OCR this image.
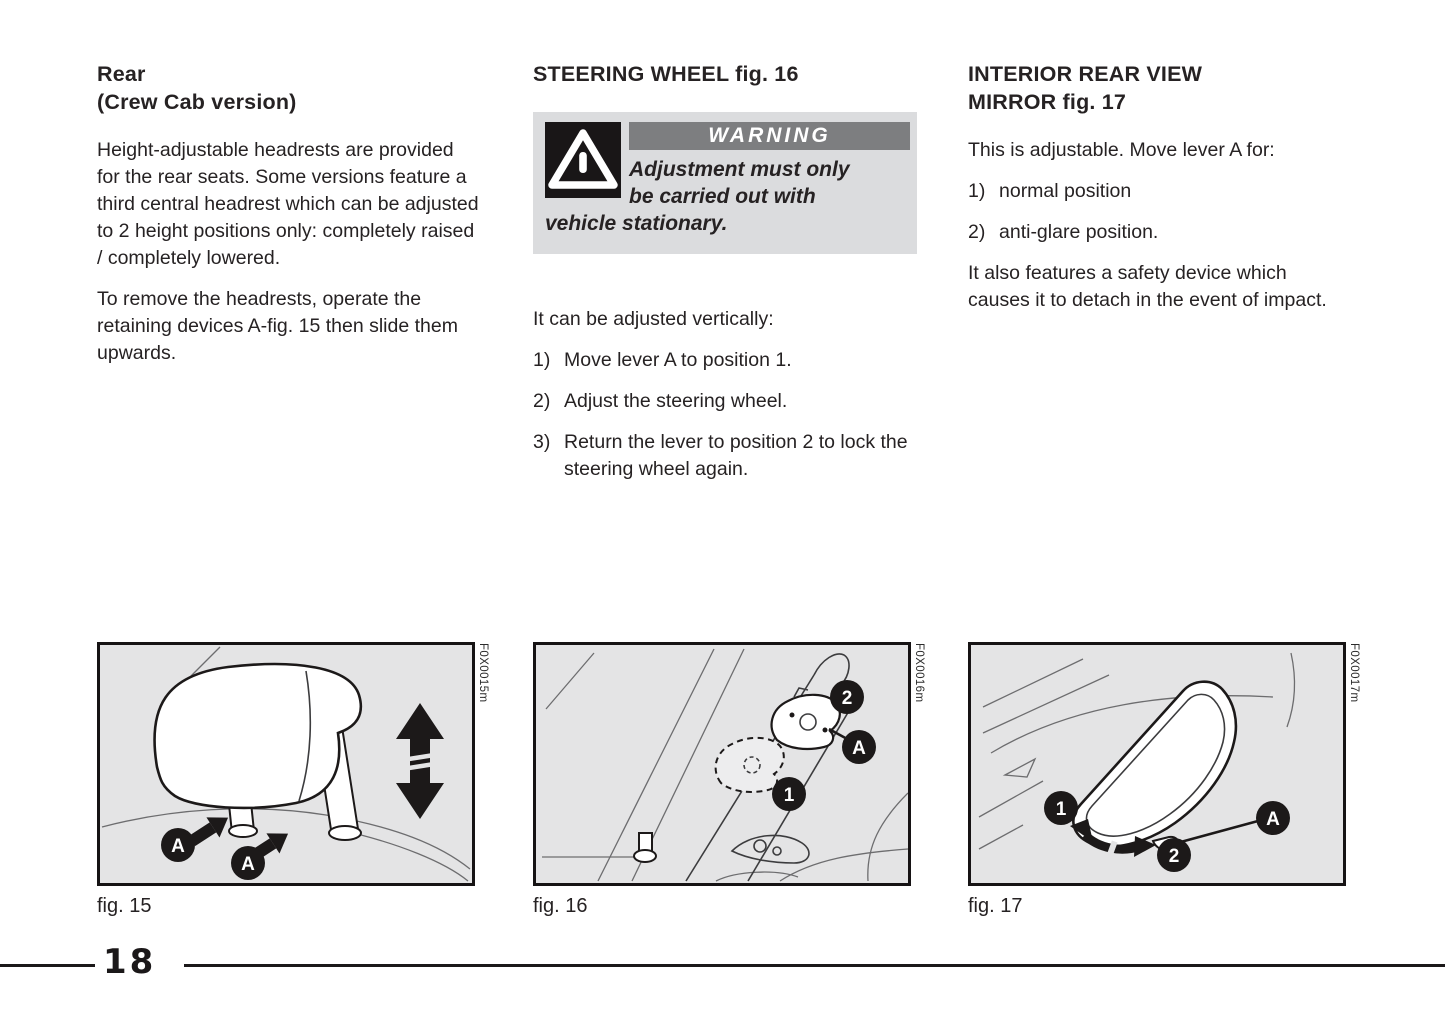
Rear
(Crew Cab version)

Height-adjustable headrests are provided for the rear seats. Some versions feature a third central headrest which can be adjusted to 2 height positions only: completely raised / completely lowered.

To remove the headrests, operate the retaining devices A-fig. 15 then slide them upwards.

STEERING WHEEL fig. 16
WARNING

Adjustment must only
be carried out with
vehicle stationary.

It can be adjusted vertically:

1) Move lever A to position 1.
2) Adjust the steering wheel.
3) Return the lever to position 2 to lock the steering wheel again.
INTERIOR REAR VIEW
MIRROR fig. 17

This is adjustable. Move lever A for:

1) normal position
2) anti-glare position.

It also features a safety device which causes it to detach in the event of impact.

A
A
F0X0015m
fig. 15
2
A
1
F0X0016m
fig. 16
1	A
2
F0X0017m
fig. 17
18
